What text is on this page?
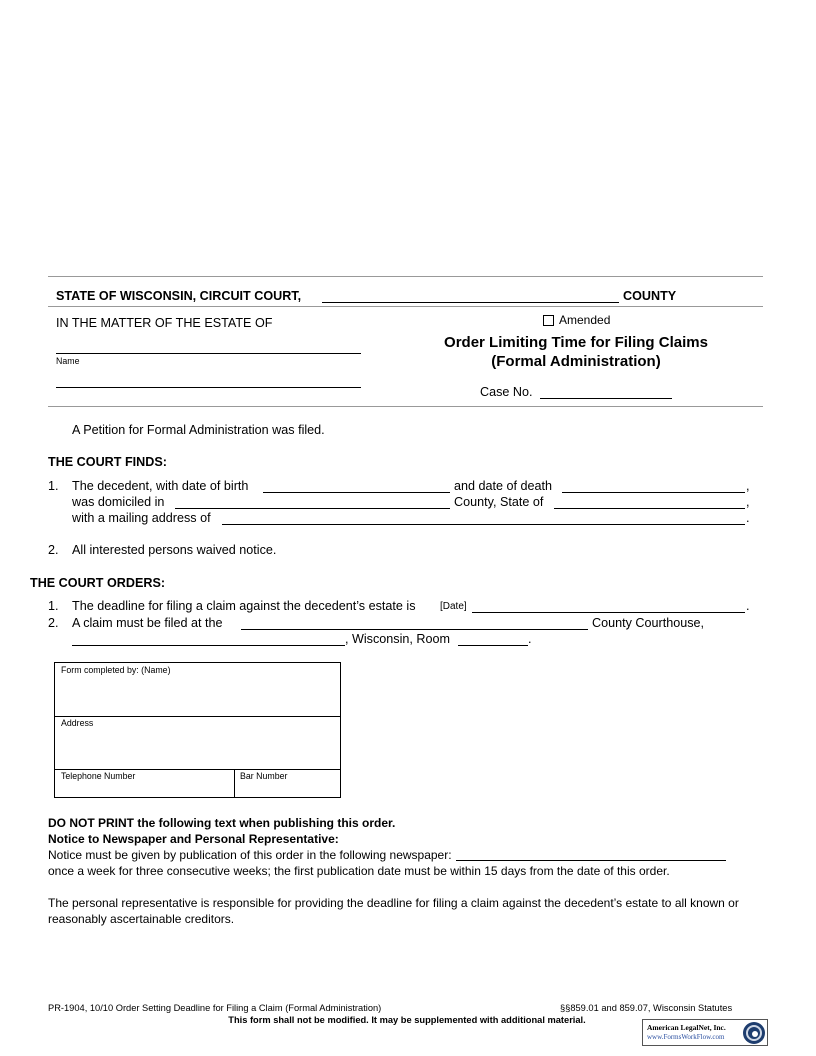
STATE OF WISCONSIN, CIRCUIT COURT,	COUNTY
IN THE MATTER OF THE ESTATE OF
Name
Amended
Order Limiting Time for Filing Claims
(Formal Administration)
Case No.
A Petition for Formal Administration was filed.
THE COURT FINDS:
1. The decedent, with date of birth	and date of death	,
was domiciled in	County, State of	,
with a mailing address of	.
2. All interested persons waived notice.
THE COURT ORDERS:
1. The deadline for filing a claim against the decedent’s estate is [Date]	.
2. A claim must be filed at the	County Courthouse,
, Wisconsin, Room	.
Form completed by: (Name)
Address
Telephone Number	Bar Number
DO NOT PRINT the following text when publishing this order.
Notice to Newspaper and Personal Representative:
Notice must be given by publication of this order in the following newspaper:
once a week for three consecutive weeks; the first publication date must be within 15 days from the date of this order.
The personal representative is responsible for providing the deadline for filing a claim against the decedent’s estate to all known or
reasonably ascertainable creditors.
PR-1904, 10/10 Order Setting Deadline for Filing a Claim (Formal Administration)	§§859.01 and 859.07, Wisconsin Statutes
This form shall not be modified. It may be supplemented with additional material.
American LegalNet, Inc.
www.FormsWorkFlow.com
